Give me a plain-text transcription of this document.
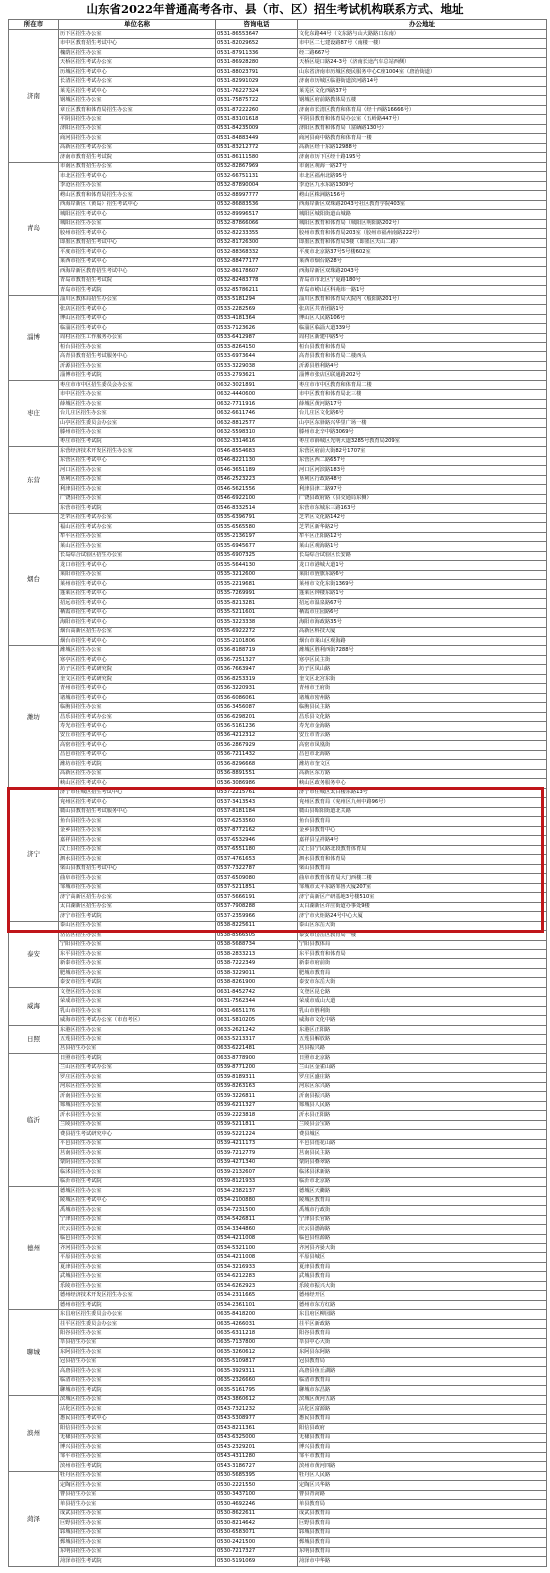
山东省2022年普通高考各市、县（市、区）招生考试机构联系方式、地址
所在市	单位名称	咨询电话	办公地址
济南	历下区招生办公室	0531-86553647	文化东路44号（文东路与山大路路口东南）
	市中区教育招生考试中心	0531-82029652	市中区二七建设路87号（南楼一楼）
	槐荫区招生办公室	0531-87911336	经二路667号
	天桥区招生考试办公室	0531-86928280	天桥区堤口路24-3号（济南长途汽车总站西侧）
	历城区招生考试中心	0531-88023791	山东省济南市历城区便民服务中心C座1004室（唐治街道）
	长清区招生考试办公室	0531-82991029	济南市历城区临港街道滨河路14号
	莱芜区招生考试中心	0531-76227324	莱芜区文化西路37号
	钢城区招生办公室	0531-75875722	钢城区府前路教体局五楼
	章丘区教育和体育局招生办公室	0531-87222260	济南市长清区教育和体育局（经十西路16666号）
	平阴县招生办公室	0531-83101618	平阴县教育和体育局办公室（五岭路447号）
	济阳区招生办公室	0531-84235009	济阳区教育和体育局（富硒路130号）
	商河县招生办公室	0531-84883449	商河县商中路教育和体育局一楼
	高新区招生考试办公室	0531-83212772	高新区经十东路12988号
	济南市教育招生考试院	0531-86111580	济南市历下区经十路195号
青岛	市南区教育招生办公室	0532-82867969	市南区观海一路27号
	市北区招生考试中心	0532-66751131	市北区福州北路95号
	李沧区招生办公室	0532-87890004	李沧区九水东路1309号
	崂山区教育和体育局招生办公室	0532-88997777	崂山区株洲路156号
	西海岸新区（黄岛）招生考试中心	0532-86883536	西海岸新区双珠路2043号社区教育学院403室
	城阳区招生考试中心	0532-89996517	城阳区城阳街道山城路
	城阳区招生办公室	0532-87866066	城阳区教育和体育局（城阳区明阳路202号）
	胶州市招生考试中心	0532-82233355	胶州市教育和体育局203室（胶州市福州南路222号）
	即墨区教育招生考试中心	0532-81726300	即墨区教育和体育局3楼（即墨区天山二路）
	平度市招生考试中心	0532-88368332	平度市北京路37号5号楼602室
	莱西市招生考试中心	0532-88477177	莱西市烟台路28号
	西海岸新区教育招生考试中心	0532-86178607	西海岸新区双珠路2043号
	青岛市教育招生考试院	0532-82483778	青岛市市北区宁夏路180号
	青岛市招生考试院	0532-85786211	青岛市崂山区科苑纬一路1号
淄博	淄川区教体局招生办公室	0533-5181294	淄川区教育和体育局大院内（般阳路201号）
	张店区招生考试中心	0533-2282569	张店区共青团路1号
	博山区招生考试中心	0533-4181364	博山区人民路106号
	临淄区招生考试中心	0533-7123626	临淄区临淄大道339号
	周村区招生工作服务办公室	0533-6412987	周村区新建中路5号
	桓台县招生办公室	0533-8264150	桓台县教育和体育局
	高青县教育招生考试服务中心	0533-6973644	高青县教育和体育局二楼西头
	沂源县招生办公室	0533-3229038	沂源县胜利路4号
	淄博市招生考试院	0533-2793621	淄博市张店区联通路202号
枣庄	枣庄市市中区招生委员会办公室	0632-3021891	枣庄市市中区教育和体育局二楼
	市中区招生办公室	0632-4440600	市中区教育和体育局北三楼
	薛城区招生办公室	0632-7711916	薛城区黄河路17号
	台儿庄区招生办公室	0632-6611746	台儿庄区文化路6号
	山亭区招生委员会办公室	0632-8812577	山亭区东驿路兴华里广场一楼
	滕州市招生办公室	0632-5598310	滕州市北辛中路3069号
	枣庄市招生考试院	0632-3314616	枣庄市薛城区光明大道3285号教育局209室
东营	东营经济技术开发区招生办公室	0546-8554683	东营区府前大街82号1707室
	东营区招生考试中心	0546-8221130	东营区西二路657号
	河口区招生办公室	0546-3651189	河口区河滨路183号
	垦利区招生办公室	0546-2523223	垦利区行政路48号
	利津县招生办公室	0546-5621556	利津县津二路97号
	广饶县招生办公室	0546-6922100	广饶县政府路（县交通局东侧）
	东营市招生考试院	0546-8332514	东营市东城东三路163号
烟台	芝罘区招生考试办公室	0535-6396791	芝罘区文化路142号
	福山区招生考试办公室	0535-6565580	芝罘区新华路2号
	牟平区招生办公室	0535-2136197	牟平区正阳路12号
	莱山区招生办公室	0535-6945677	莱山区观海路1号
	长岛综合试验区招生办公室	0535-6907325	长岛综合试验区长安路
	龙口市招生考试中心	0535-5644130	龙口市港城大道1号
	莱阳市招生办公室	0535-3212600	莱阳市旌旗东路6号
	莱州市招生考试中心	0535-2219681	莱州市文化东街1369号
	蓬莱区招生考试中心	0535-7269991	蓬莱区钟楼东路1号
	招远市招生考试中心	0535-8213281	招远市温泉路67号
	栖霞市招生考试中心	0535-5211601	栖霞市庄园路6号
	海阳市招生考试中心	0535-3223338	海阳市海政路35号
	烟台高新区招生办公室	0535-6922272	高新区科技大厦
	烟台市招生考试中心	0535-2101806	烟台市莱山区观海路
潍坊	潍城区招生办公室	0536-8188719	潍城区胜利西街7288号
	寒亭区招生考试中心	0536-7251327	寒亭区民主街
	坊子区招生考试研究院	0536-7663947	坊子区凤山路
	奎文区招生考试研究院	0536-8253319	奎文区北宫东街
	青州市招生考试中心	0536-3220931	青州市王府街
	诸城市招生考试中心	0536-6086061	诸城市密州路
	临朐县招生办公室	0536-3456087	临朐县民主路
	昌乐县招生考试办公室	0536-6298201	昌乐县文化路
	寿光市招生考试中心	0536-5161236	寿光市金海路
	安丘市招生考试中心	0536-4212312	安丘市青云路
	高密市招生考试中心	0536-2867929	高密市凤凰街
	昌邑市招生考试中心	0536-7211432	昌邑市北海路
	潍坊市招生考试院	0536-8296668	潍坊市奎文区
	高新区招生办公室	0536-8891551	高新区东方路
	峡山区招生考试中心	0536-3086986	峡山区政务服务中心
济宁	济宁市任城区招生考试中心	0537-2215761	济宁市任城区太白楼东路13号
	兖州区招生考试中心	0537-3413543	兖州区教育局（兖州区九州中路96号）
	微山县教育招生考试服务中心	0537-8181184	微山县昭阳街道北关路
	鱼台县招生办公室	0537-6253560	鱼台县教育局
	金乡县招生办公室	0537-8772162	金乡县教育中心
	嘉祥县招生办公室	0537-6532946	嘉祥县呈祥路4号
	汶上县招生办公室	0537-6551180	汶上县宁民路北段教育体育局
	泗水县招生办公室	0537-4761653	泗水县教育和体育局
	梁山县教育招生考试中心	0537-7322787	梁山县教育局
	曲阜市招生办公室	0537-6509080	曲阜市教育体育局大门西楼二楼
	邹城市招生办公室	0537-5211851	邹城市太平东路邹鲁大厦207室
	济宁高新区招生办公室	0537-5666191	济宁高新区产研基地3号楼510室
	太白湖新区招生办公室	0537-7908288	太白湖新区许庄街道办事处9楼
	济宁市招生考试院	0537-2359966	济宁市火炬路24号中心大厦
泰安	泰山区招生办公室	0538-8225611	泰山区东岳大街
	岱岳区招生办公室	0538-8566505	泰安市岱岳区教育局一楼
	宁阳县招生办公室	0538-5688734	宁阳县教体局
	东平县招生办公室	0538-2833213	东平县教育和体育局
	新泰市招生办公室	0538-7222349	新泰市府前街
	肥城市招生办公室	0538-3229011	肥城市教育局
	泰安市招生考试院	0538-8261900	泰安市东岳大街
威海	文登区招生办公室	0631-8452742	文登区昆仑路
	荣成市招生办公室	0631-7562344	荣成市成山大道
	乳山市招生办公室	0631-6651176	乳山市胜利街
	威海市招生考试办公室（市直考区）	0631-5810205	威海市文化中路
日照	东港区招生办公室	0633-2621242	东港区正阳路
	五莲县招生办公室	0633-5213317	五莲县解放路
	莒县招生办公室	0633-6221481	莒县振兴路
临沂	日照市招生考试院	0633-8778900	日照市北京路
	兰山区招生考试办公室	0539-8771200	兰山区金雀山路
	罗庄区招生办公室	0539-8189311	罗庄区盛庄路
	河东区招生办公室	0539-8263163	河东区东兴路
	沂南县招生办公室	0539-3226811	沂南县振兴路
	郯城县招生办公室	0539-6211327	郯城县人民路
	沂水县招生办公室	0539-2223818	沂水县正阳路
	兰陵县招生办公室	0539-5211811	兰陵县会宝路
	费县招生考试研究中心	0539-5221224	费县城区
	平邑县招生办公室	0539-4211173	平邑县莲花山路
	莒南县招生办公室	0539-7212779	莒南县民主路
	蒙阴县招生办公室	0539-4271340	蒙阴县叠翠路
	临沭县招生办公室	0539-2132607	临沭县沭新路
	临沂市招生考试院	0539-8121933	临沂市北京路
德州	德城区招生办公室	0534-2382137	德城区天衢路
	陵城区招生考试中心	0534-2100880	陵城区教育局
	禹城市招生办公室	0534-7231500	禹城市行政街
	宁津县招生办公室	0534-5426811	宁津县长官路
	庆云县招生办公室	0534-3344860	庆云县渤海路
	临邑县招生办公室	0534-4211008	临邑县恒源路
	齐河县招生办公室	0534-5321100	齐河县齐晏大街
	平原县招生办公室	0534-4211008	平原县城区
	夏津县招生办公室	0534-3216933	夏津县教育局
	武城县招生办公室	0534-6212283	武城县教育局
	乐陵市招生办公室	0534-6262923	乐陵市振兴大街
	德州经济技术开发区招生办公室	0534-2311665	德州经开区
	德州市招生考试院	0534-2361101	德州市东方红路
聊城	东昌府区招生委员会办公室	0635-8418200	东昌府区柳园路
	茌平区招生委员会办公室	0635-4266031	茌平区新政路
	阳谷县招生办公室	0635-6311218	阳谷县教育局
	莘县招生办公室	0635-7137800	莘县中心大街
	东阿县招生办公室	0635-3260612	东阿县东阿路
	冠县招生办公室	0635-5109817	冠县教育局
	高唐县招生办公室	0635-3929311	高唐县鱼丘湖路
	临清市招生办公室	0635-2326660	临清市教育局
	聊城市招生考试院	0635-5161795	聊城市东昌路
滨州	滨城区招生办公室	0543-3860612	滨城区黄河五路
	沾化区招生办公室	0543-7321232	沾化区富源路
	惠民县招生考试中心	0543-5308977	惠民县教育局
	阳信县招生办公室	0543-8211361	阳信县政府
	无棣县招生办公室	0543-6325000	无棣县教育局
	博兴县招生办公室	0543-2329201	博兴县教育局
	邹平市招生办公室	0543-4311280	邹平市教育局
	滨州市招生考试院	0543-3186727	滨州市黄河四路
菏泽	牡丹区招生办公室	0530-5685395	牡丹区人民路
	定陶区招生办公室	0530-2221550	定陶区兴华路
	曹县招生办公室	0530-3437100	曹县青菏路
	单县招生办公室	0530-4692246	单县教育局
	成武县招生办公室	0530-8622611	成武县教育局
	巨野县招生办公室	0530-8214642	巨野县教育局
	郓城县招生办公室	0530-6583071	郓城县教育局
	鄄城县招生办公室	0530-2421500	鄄城县教育局
	东明县招生办公室	0530-7217327	东明县教育局
	菏泽市招生考试院	0530-5191069	菏泽市中华路
